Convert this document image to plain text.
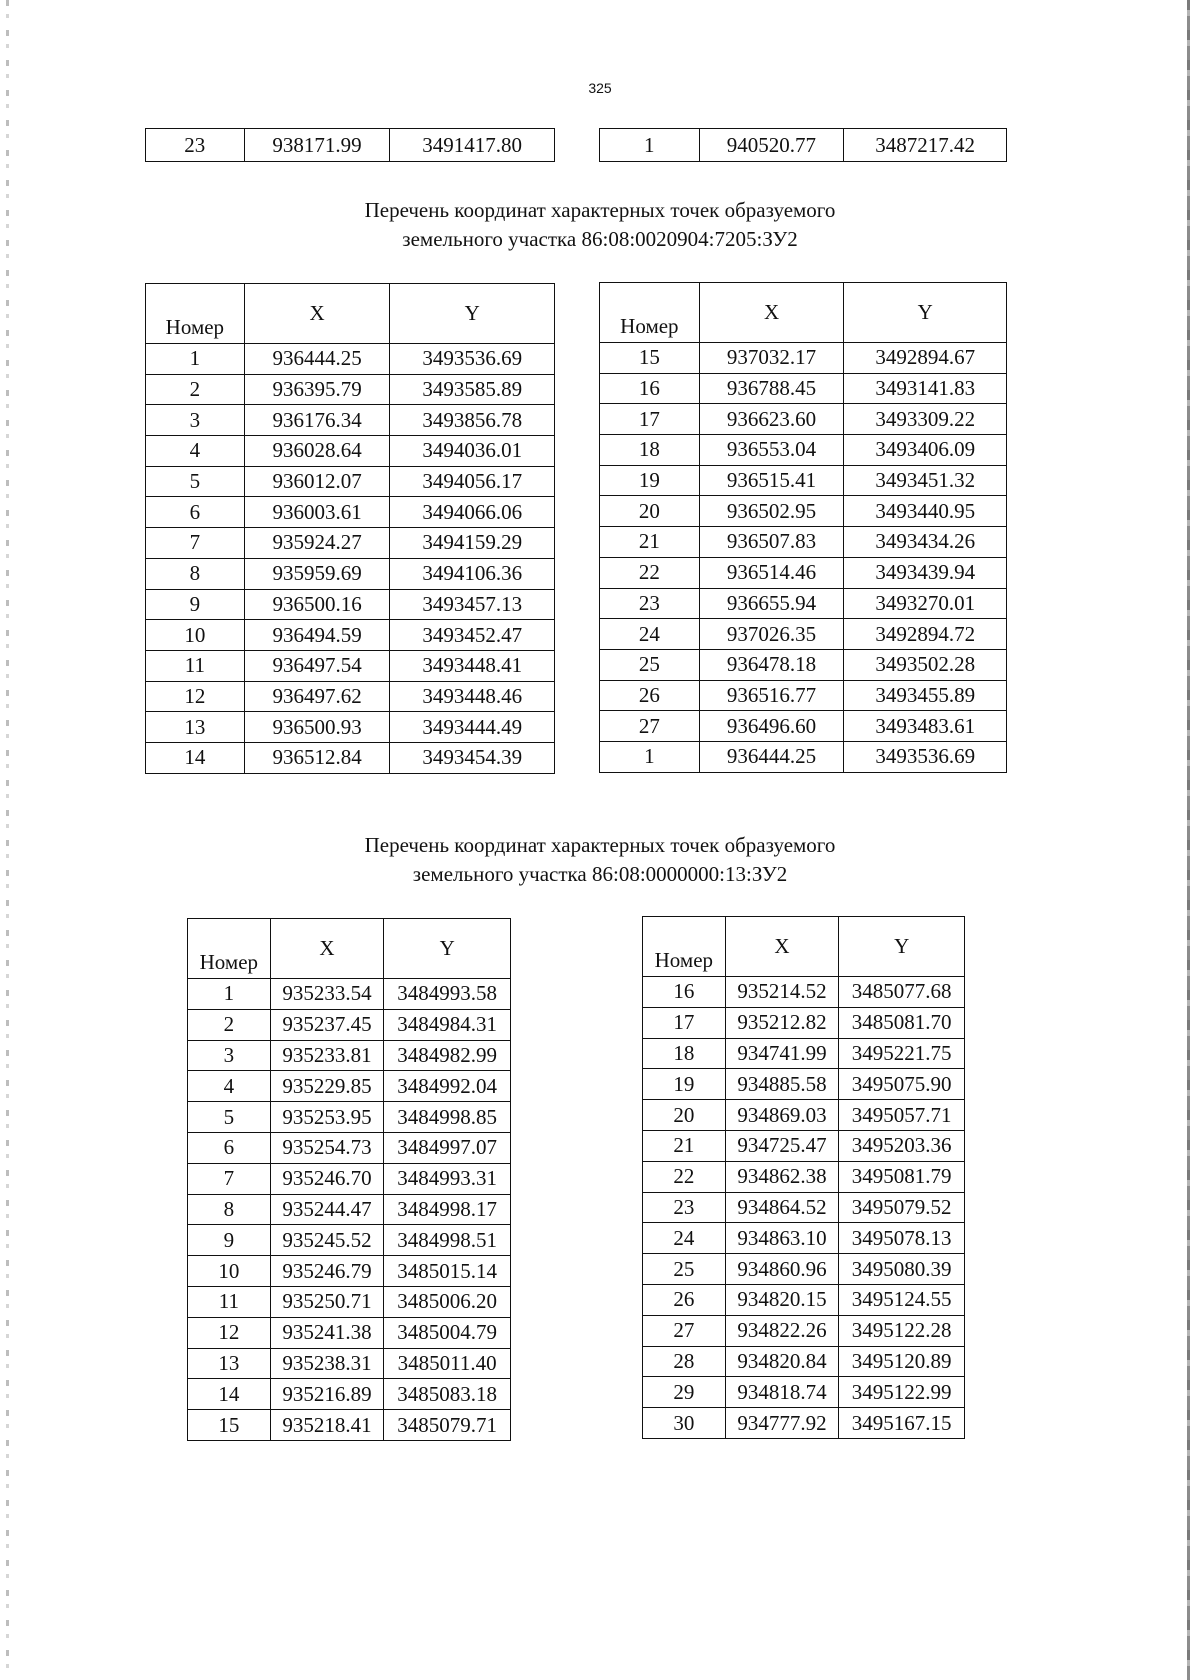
325
23	938171.99	3491417.80	1	940520.77	3487217.42
Перечень координат характерных точек образуемого
земельного участка 86:08:0020904:7205:ЗУ2
Номер	X	Y
1	936444.25	3493536.69
2	936395.79	3493585.89
3	936176.34	3493856.78
4	936028.64	3494036.01
5	936012.07	3494056.17
6	936003.61	3494066.06
7	935924.27	3494159.29
8	935959.69	3494106.36
9	936500.16	3493457.13
10	936494.59	3493452.47
11	936497.54	3493448.41
12	936497.62	3493448.46
13	936500.93	3493444.49
14	936512.84	3493454.39
Номер	X	Y
15	937032.17	3492894.67
16	936788.45	3493141.83
17	936623.60	3493309.22
18	936553.04	3493406.09
19	936515.41	3493451.32
20	936502.95	3493440.95
21	936507.83	3493434.26
22	936514.46	3493439.94
23	936655.94	3493270.01
24	937026.35	3492894.72
25	936478.18	3493502.28
26	936516.77	3493455.89
27	936496.60	3493483.61
1	936444.25	3493536.69
Перечень координат характерных точек образуемого
земельного участка 86:08:0000000:13:ЗУ2
Номер	X	Y
1	935233.54	3484993.58
2	935237.45	3484984.31
3	935233.81	3484982.99
4	935229.85	3484992.04
5	935253.95	3484998.85
6	935254.73	3484997.07
7	935246.70	3484993.31
8	935244.47	3484998.17
9	935245.52	3484998.51
10	935246.79	3485015.14
11	935250.71	3485006.20
12	935241.38	3485004.79
13	935238.31	3485011.40
14	935216.89	3485083.18
15	935218.41	3485079.71
Номер	X	Y
16	935214.52	3485077.68
17	935212.82	3485081.70
18	934741.99	3495221.75
19	934885.58	3495075.90
20	934869.03	3495057.71
21	934725.47	3495203.36
22	934862.38	3495081.79
23	934864.52	3495079.52
24	934863.10	3495078.13
25	934860.96	3495080.39
26	934820.15	3495124.55
27	934822.26	3495122.28
28	934820.84	3495120.89
29	934818.74	3495122.99
30	934777.92	3495167.15
